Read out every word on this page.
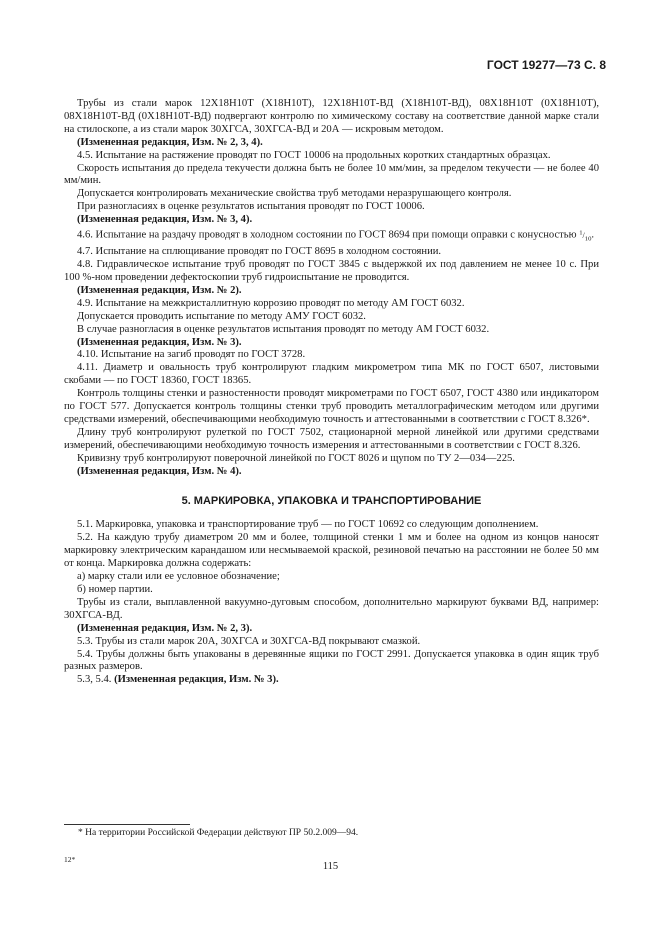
ГОСТ 19277—73 С. 8

Трубы из стали марок 12Х18Н10Т (Х18Н10Т), 12Х18Н10Т-ВД (Х18Н10Т-ВД), 08Х18Н10Т (0Х18Н10Т), 08Х18Н10Т-ВД (0Х18Н10Т-ВД) подвергают контролю по химическому составу на соответствие данной марке стали на стилоскопе, а из стали марок 30ХГСА, 30ХГСА-ВД и 20А — искровым методом.

(Измененная редакция, Изм. № 2, 3, 4).

4.5. Испытание на растяжение проводят по ГОСТ 10006 на продольных коротких стандартных образцах.

Скорость испытания до предела текучести должна быть не более 10 мм/мин, за пределом текучести — не более 40 мм/мин.

Допускается контролировать механические свойства труб методами неразрушающего контроля.

При разногласиях в оценке результатов испытания проводят по ГОСТ 10006.

(Измененная редакция, Изм. № 3, 4).

4.6. Испытание на раздачу проводят в холодном состоянии по ГОСТ 8694 при помощи оправки с конусностью $^1/_{10}$.

4.7. Испытание на сплющивание проводят по ГОСТ 8695 в холодном состоянии.

4.8. Гидравлическое испытание труб проводят по ГОСТ 3845 с выдержкой их под давлением не менее 10 с. При 100 %-ном проведении дефектоскопии труб гидроиспытание не проводится.

(Измененная редакция, Изм. № 2).

4.9. Испытание на межкристаллитную коррозию проводят по методу АМ ГОСТ 6032.

Допускается проводить испытание по методу АМУ ГОСТ 6032.

В случае разногласия в оценке результатов испытания проводят по методу АМ ГОСТ 6032.

(Измененная редакция, Изм. № 3).

4.10. Испытание на загиб проводят по ГОСТ 3728.

4.11. Диаметр и овальность труб контролируют гладким микрометром типа МК по ГОСТ 6507, листовыми скобами — по ГОСТ 18360, ГОСТ 18365.

Контроль толщины стенки и разностенности проводят микрометрами по ГОСТ 6507, ГОСТ 4380 или индикатором по ГОСТ 577. Допускается контроль толщины стенки труб проводить металлографическим методом или другими средствами измерений, обеспечивающими необходимую точность и аттестованными в соответствии с ГОСТ 8.326*.

Длину труб контролируют рулеткой по ГОСТ 7502, стационарной мерной линейкой или другими средствами измерений, обеспечивающими необходимую точность измерения и аттестованными в соответствии с ГОСТ 8.326.

Кривизну труб контролируют поверочной линейкой по ГОСТ 8026 и щупом по ТУ 2—034—225.

(Измененная редакция, Изм. № 4).

5. МАРКИРОВКА, УПАКОВКА И ТРАНСПОРТИРОВАНИЕ

5.1. Маркировка, упаковка и транспортирование труб — по ГОСТ 10692 со следующим дополнением.

5.2. На каждую трубу диаметром 20 мм и более, толщиной стенки 1 мм и более на одном из концов наносят маркировку электрическим карандашом или несмываемой краской, резиновой печатью на расстоянии не более 50 мм от конца. Маркировка должна содержать:

а) марку стали или ее условное обозначение;

б) номер партии.

Трубы из стали, выплавленной вакуумно-дуговым способом, дополнительно маркируют буквами ВД, например: 30ХГСА-ВД.

(Измененная редакция, Изм. № 2, 3).

5.3. Трубы из стали марок 20А, 30ХГСА и 30ХГСА-ВД покрывают смазкой.

5.4. Трубы должны быть упакованы в деревянные ящики по ГОСТ 2991. Допускается упаковка в один ящик труб разных размеров.

5.3, 5.4. (Измененная редакция, Изм. № 3).

* На территории Российской Федерации действуют ПР 50.2.009—94.
12*
115
